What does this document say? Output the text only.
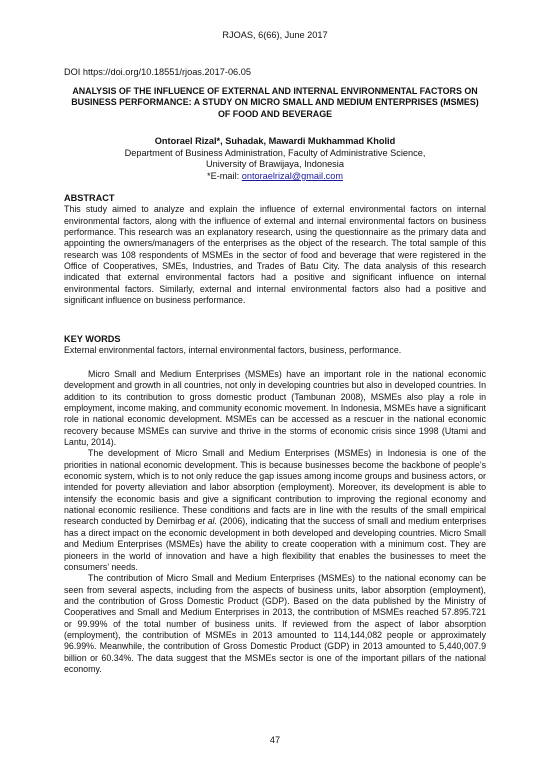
RJOAS, 6(66), June 2017
DOI https://doi.org/10.18551/rjoas.2017-06.05
ANALYSIS OF THE INFLUENCE OF EXTERNAL AND INTERNAL ENVIRONMENTAL FACTORS ON BUSINESS PERFORMANCE: A STUDY ON MICRO SMALL AND MEDIUM ENTERPRISES (MSMES) OF FOOD AND BEVERAGE
Ontorael Rizal*, Suhadak, Mawardi Mukhammad Kholid
Department of Business Administration, Faculty of Administrative Science,
University of Brawijaya, Indonesia
*E-mail: ontoraelrizal@gmail.com

ABSTRACT

This study aimed to analyze and explain the influence of external environmental factors on internal environmental factors, along with the influence of external and internal environmental factors on business performance. This research was an explanatory research, using the questionnaire as the primary data and appointing the owners/managers of the enterprises as the object of the research. The total sample of this research was 108 respondents of MSMEs in the sector of food and beverage that were registered in the Office of Cooperatives, SMEs, Industries, and Trades of Batu City. The data analysis of this research indicated that external environmental factors had a positive and significant influence on internal environmental factors. Similarly, external and internal environmental factors also had a positive and significant influence on business performance.

KEY WORDS

External environmental factors, internal environmental factors, business, performance.

Micro Small and Medium Enterprises (MSMEs) have an important role in the national economic development and growth in all countries, not only in developing countries but also in developed countries. In addition to its contribution to gross domestic product (Tambunan 2008), MSMEs also play a role in employment, income making, and community economic movement. In Indonesia, MSMEs have a significant role in national economic development. MSMEs can be accessed as a rescuer in the national economic recovery because MSMEs can survive and thrive in the storms of economic crisis since 1998 (Utami and Lantu, 2014).

The development of Micro Small and Medium Enterprises (MSMEs) in Indonesia is one of the priorities in national economic development. This is because businesses become the backbone of people’s economic system, which is to not only reduce the gap issues among income groups and business actors, or intended for poverty alleviation and labor absorption (employment). Moreover, its development is able to intensify the economic basis and give a significant contribution to improving the regional economy and national economic resilience. These conditions and facts are in line with the results of the small empirical research conducted by Demirbag et al. (2006), indicating that the success of small and medium enterprises has a direct impact on the economic development in both developed and developing countries. Micro Small and Medium Enterprises (MSMEs) have the ability to create cooperation with a minimum cost. They are pioneers in the world of innovation and have a high flexibility that enables the businesses to meet the consumers’ needs.

The contribution of Micro Small and Medium Enterprises (MSMEs) to the national economy can be seen from several aspects, including from the aspects of business units, labor absorption (employment), and the contribution of Gross Domestic Product (GDP). Based on the data published by the Ministry of Cooperatives and Small and Medium Enterprises in 2013, the contribution of MSMEs reached 57.895.721 or 99.99% of the total number of business units. If reviewed from the aspect of labor absorption (employment), the contribution of MSMEs in 2013 amounted to 114,144,082 people or approximately 96.99%. Meanwhile, the contribution of Gross Domestic Product (GDP) in 2013 amounted to 5,440,007.9 billion or 60.34%. The data suggest that the MSMEs sector is one of the important pillars of the national economy.

47
